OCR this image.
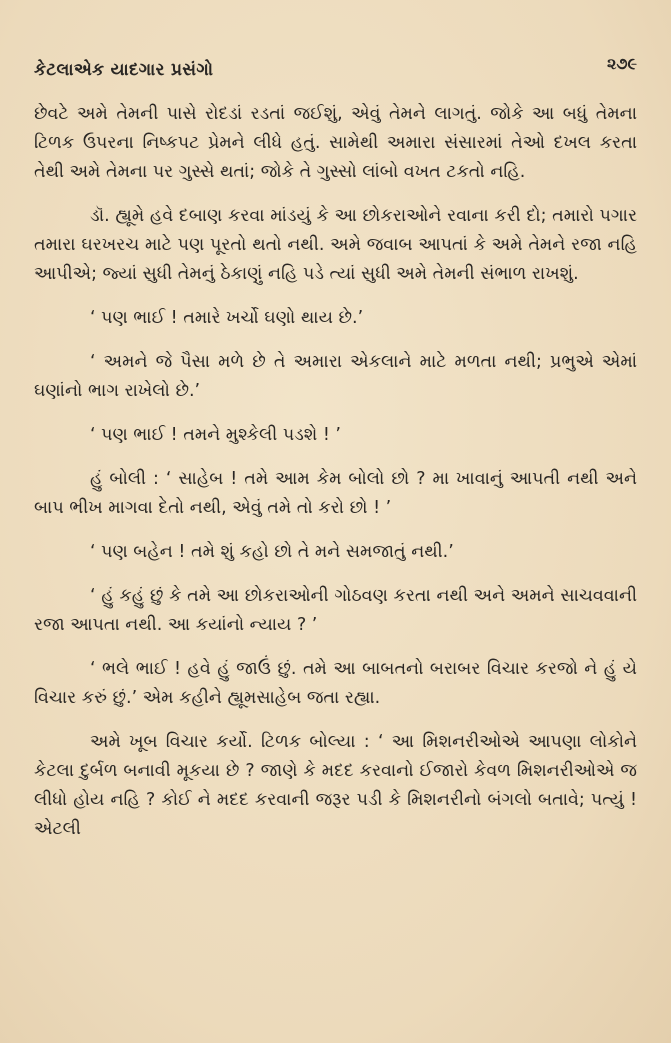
કેટલાએક યાદગાર પ્રસંગો	૨૭૯

છેવટે અમે તેમની પાસે રોદડાં રડતાં જઈશું, એવું તેમને લાગતું. જોકે આ બધું તેમના ટિળક ઉપરના નિષ્કપટ પ્રેમને લીધે હતું. સામેથી અમારા સંસારમાં તેઓ દખલ કરતા તેથી અમે તેમના પર ગુસ્સે થતાં; જોકે તે ગુસ્સો લાંબો વખત ટકતો નહિ.

ડૉ. હ્યૂમે હવે દબાણ કરવા માંડયું કે આ છોકરાઓને રવાના કરી દો; તમારો પગાર તમારા ઘરખરચ માટે પણ પૂરતો થતો નથી. અમે જવાબ આપતાં કે અમે તેમને રજા નહિ આપીએ; જ્યાં સુધી તેમનું ઠેકાણું નહિ પડે ત્યાં સુધી અમે તેમની સંભાળ રાખશું.

‘ પણ ભાઈ ! તમારે ખર્ચો ઘણો થાય છે.’

‘ અમને જે પૈસા મળે છે તે અમારા એકલાને માટે મળતા નથી; પ્રભુએ એમાં ઘણાંનો ભાગ રાખેલો છે.’

‘ પણ ભાઈ ! તમને મુશ્કેલી પડશે ! ’

હું બોલી : ‘ સાહેબ ! તમે આમ કેમ બોલો છો ? મા ખાવાનું આપતી નથી અને બાપ ભીખ માગવા દેતો નથી, એવું તમે તો કરો છો ! ’

‘ પણ બહેન ! તમે શું કહો છો તે મને સમજાતું નથી.’

‘ હું કહું છું કે તમે આ છોકરાઓની ગોઠવણ કરતા નથી અને અમને સાચવવાની રજા આપતા નથી. આ કયાંનો ન્યાય ? ’

‘ ભલે ભાઈ ! હવે હું જાઉં છું. તમે આ બાબતનો બરાબર વિચાર કરજો ને હું યે વિચાર કરું છું.’ એમ કહીને હ્યૂમસાહેબ જતા રહ્યા.

અમે ખૂબ વિચાર કર્યો. ટિળક બોલ્યા : ‘ આ મિશનરીઓએ આપણા લોકોને કેટલા દુર્બળ બનાવી મૂકયા છે ? જાણે કે મદદ કરવાનો ઈજારો કેવળ મિશનરીઓએ જ લીધો હોય નહિ ? કોઈ ને મદદ કરવાની જરૂર પડી કે મિશનરીનો બંગલો બતાવે; પત્યું ! એટલી
